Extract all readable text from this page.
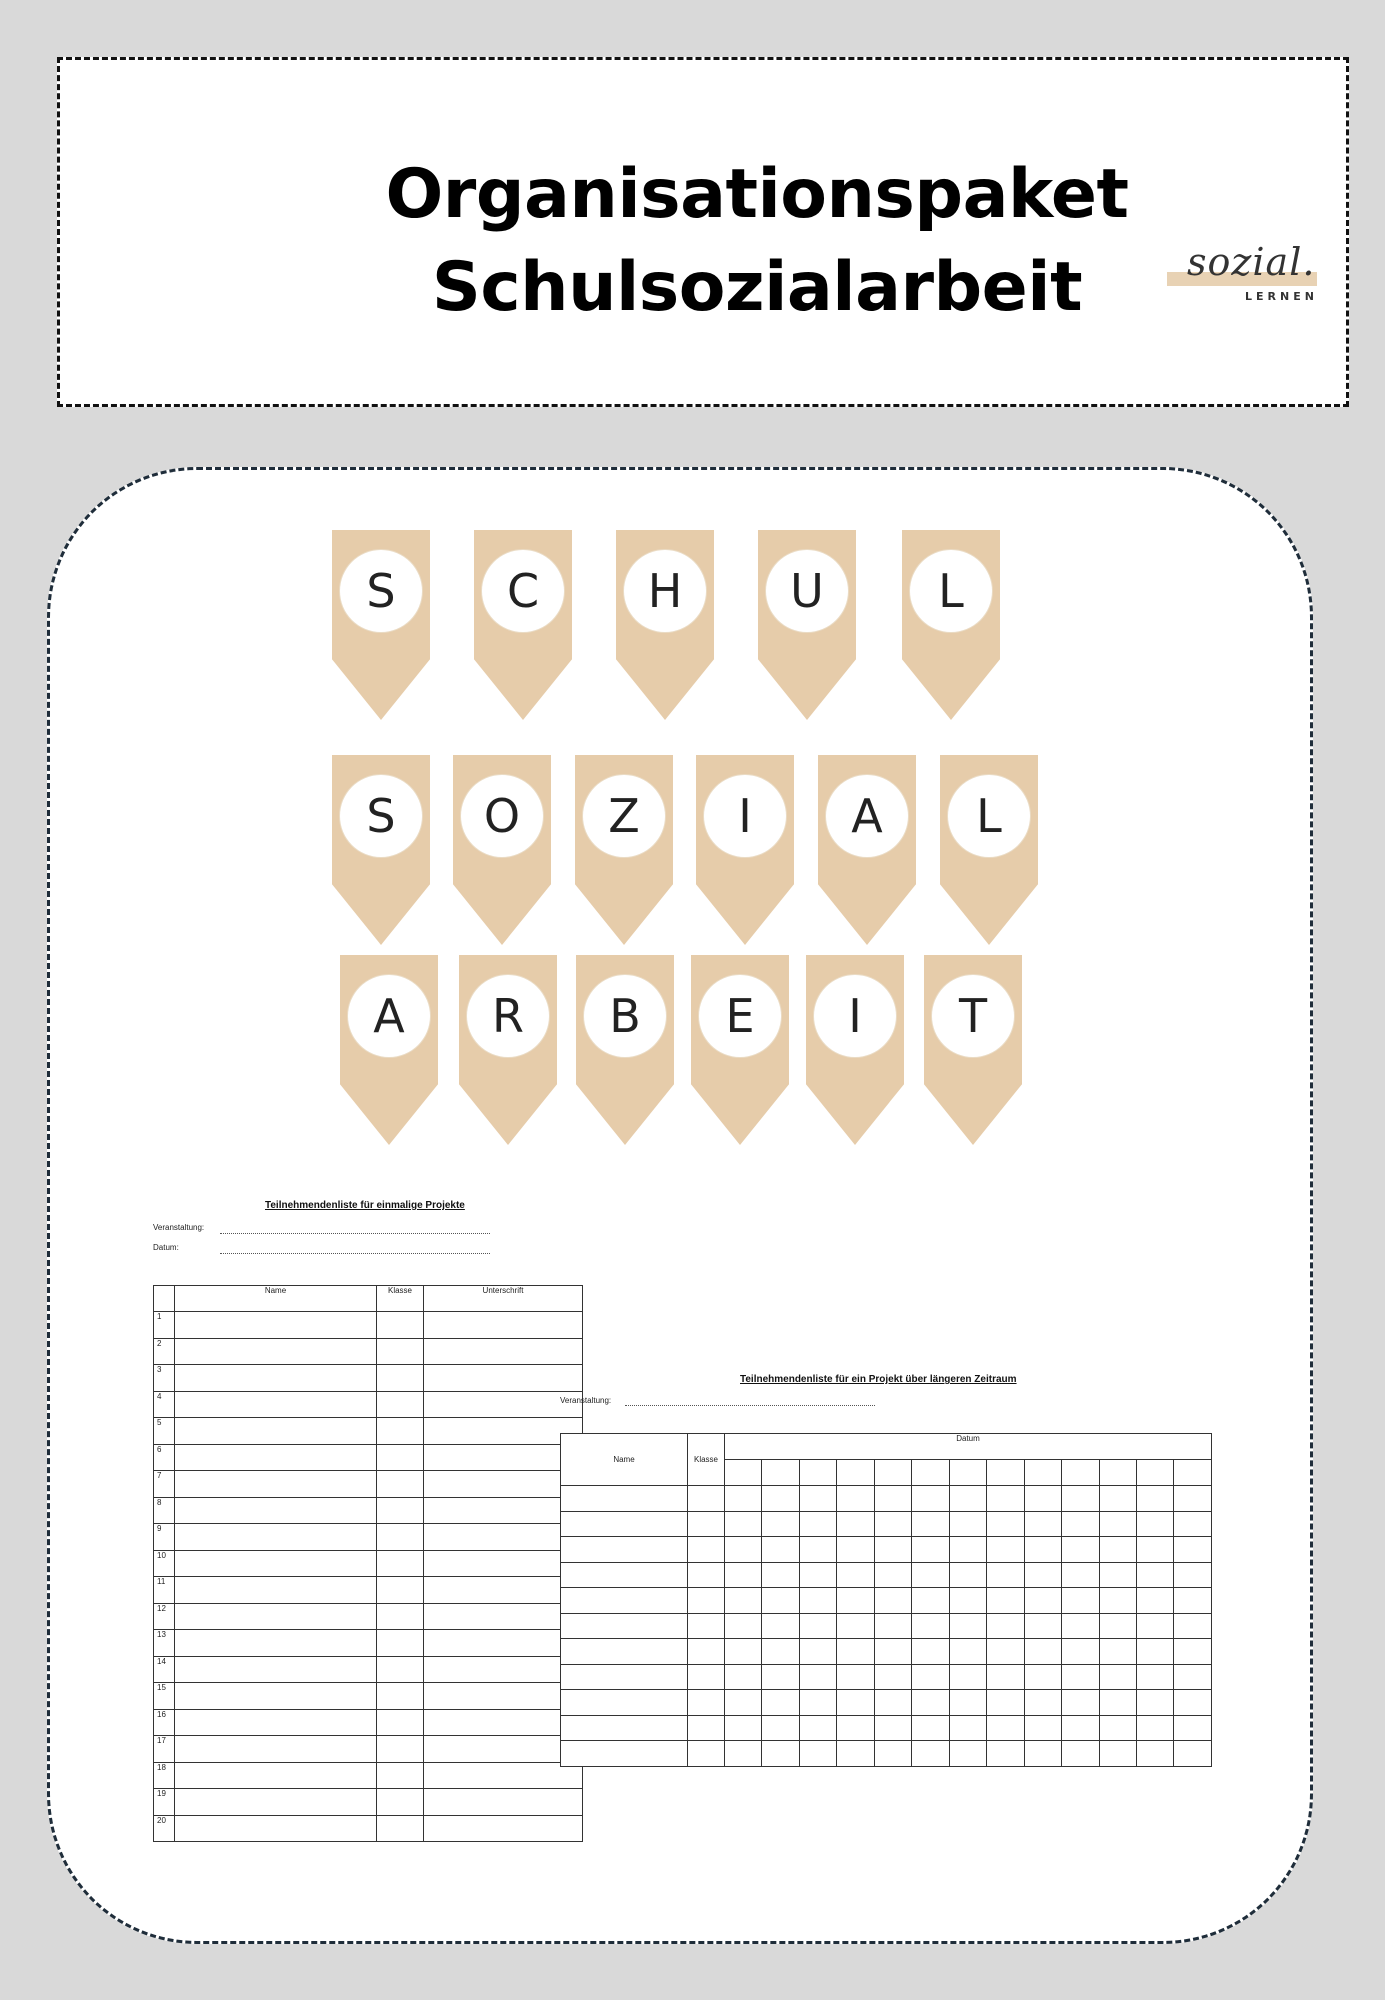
Organisationspaket
Schulsozialarbeit	sozial.
LERNEN
S	C	H	U	L
S	O	Z	I	A	L
A	R	B	E	I	T
Teilnehmendenliste für einmalige Projekte
Veranstaltung:
Datum:
	Name	Klasse	Unterschrift
1			
2			
3			
4			
5			
6			
7			
8			
9			
10			
11			
12			
13			
14			
15			
16			
17			
18			
19			
20			
Teilnehmendenliste für ein Projekt über längeren Zeitraum
Veranstaltung:
Name	Klasse	Datum												
